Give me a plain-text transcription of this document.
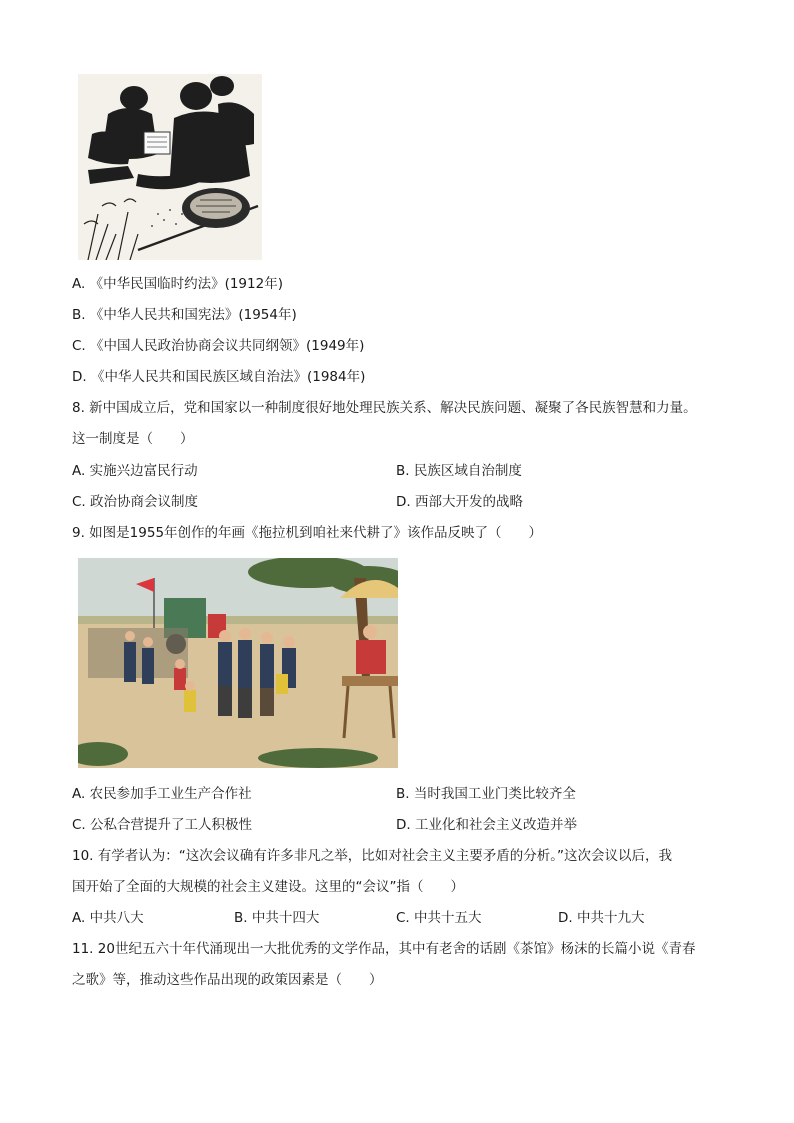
A. 《中华民国临时约法》(1912年)
B. 《中华人民共和国宪法》(1954年)
C. 《中国人民政治协商会议共同纲领》(1949年)
D. 《中华人民共和国民族区域自治法》(1984年)
8. 新中国成立后，党和国家以一种制度很好地处理民族关系、解决民族问题、凝聚了各民族智慧和力量。
这一制度是（　　）
A. 实施兴边富民行动	B. 民族区域自治制度
C. 政治协商会议制度	D. 西部大开发的战略
9. 如图是1955年创作的年画《拖拉机到咱社来代耕了》该作品反映了（　　）
A. 农民参加手工业生产合作社	B. 当时我国工业门类比较齐全
C. 公私合营提升了工人积极性	D. 工业化和社会主义改造并举
10. 有学者认为：“这次会议确有许多非凡之举，比如对社会主义主要矛盾的分析。”这次会议以后，我
国开始了全面的大规模的社会主义建设。这里的“会议”指（　　）
A. 中共八大	B. 中共十四大	C. 中共十五大	D. 中共十九大
11. 20世纪五六十年代涌现出一大批优秀的文学作品，其中有老舍的话剧《茶馆》杨沫的长篇小说《青春
之歌》等，推动这些作品出现的政策因素是（　　）
